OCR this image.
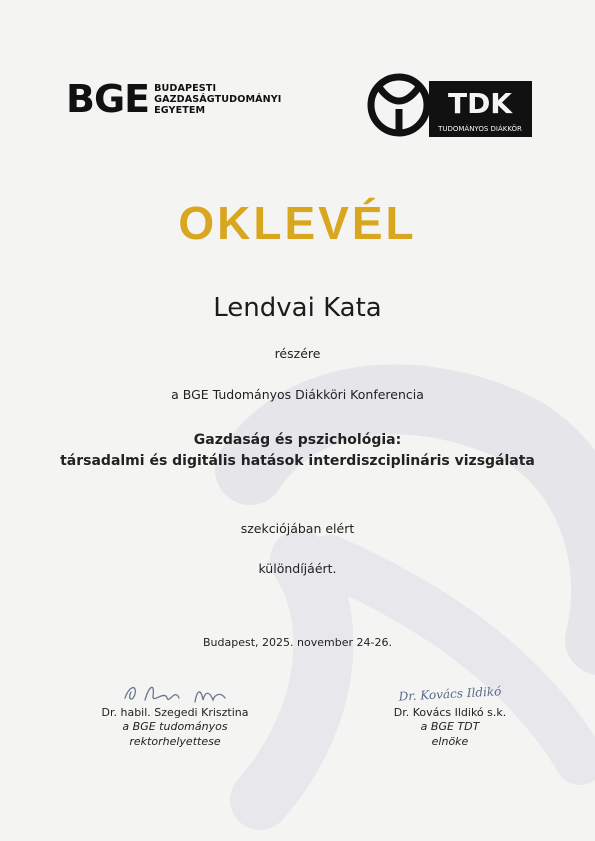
BGE BUDAPESTI
GAZDASÁGTUDOMÁNYI
EGYETEM	TDK
TUDOMÁNYOS DIÁKKÖR
OKLEVÉL
Lendvai Kata
részére
a BGE Tudományos Diákköri Konferencia
Gazdaság és pszichológia:
társadalmi és digitális hatások interdiszciplináris vizsgálata
szekciójában elért
különdíjáért.
Budapest, 2025. november 24-26.
Dr. habil. Szegedi Krisztina
a BGE tudományos
rektorhelyettese
Dr. Kovács Ildikó
Dr. Kovács Ildikó s.k.
a BGE TDT
elnöke
